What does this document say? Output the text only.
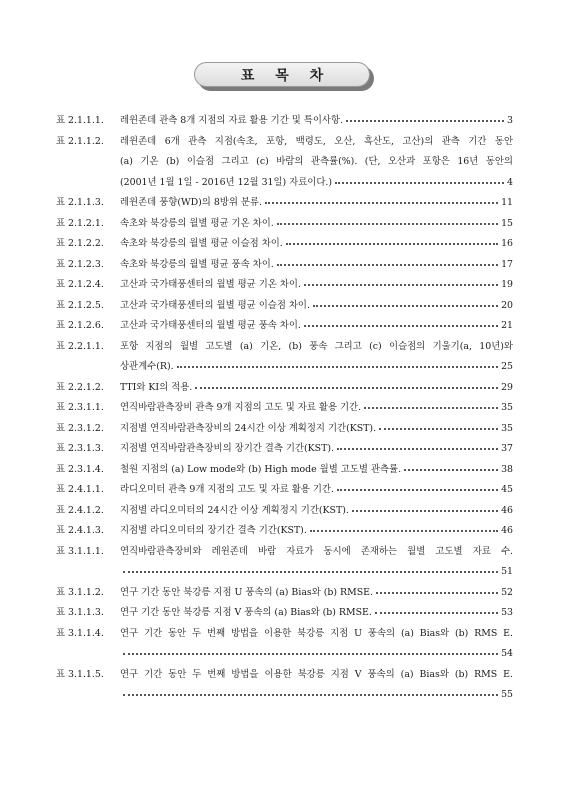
표 목 차
표 2.1.1.1.	레윈존데 관측 8개 지점의 자료 활용 기간 및 특이사항.	3
표 2.1.1.2.	레윈존데 6개 관측 지점(속초, 포항, 백령도, 오산, 흑산도, 고산)의 관측 기간 동안
(a) 기온 (b) 이슬점 그리고 (c) 바람의 관측률(%). (단, 오산과 포항은 16년 동안의
(2001년 1월 1일 - 2016년 12월 31일) 자료이다.)	4
표 2.1.1.3.	레윈존데 풍향(WD)의 8방위 분류.	11
표 2.1.2.1.	속초와 북강릉의 월별 평균 기온 차이.	15
표 2.1.2.2.	속초와 북강릉의 월별 평균 이슬점 차이.	16
표 2.1.2.3.	속초와 북강릉의 월별 평균 풍속 차이.	17
표 2.1.2.4.	고산과 국가태풍센터의 월별 평균 기온 차이.	19
표 2.1.2.5.	고산과 국가태풍센터의 월별 평균 이슬점 차이.	20
표 2.1.2.6.	고산과 국가태풍센터의 월별 평균 풍속 차이.	21
표 2.2.1.1.	포항 지점의 월별 고도별 (a) 기온, (b) 풍속 그리고 (c) 이슬점의 기울기(a, 10년)와
상관계수(R).	25
표 2.2.1.2.	TTI와 KI의 적용.	29
표 2.3.1.1.	연직바람관측장비 관측 9개 지점의 고도 및 자료 활용 기간.	35
표 2.3.1.2.	지점별 연직바람관측장비의 24시간 이상 계획정지 기간(KST).	35
표 2.3.1.3.	지점별 연직바람관측장비의 장기간 결측 기간(KST).	37
표 2.3.1.4.	철원 지점의 (a) Low mode와 (b) High mode 월별 고도별 관측률.	38
표 2.4.1.1.	라디오미터 관측 9개 지점의 고도 및 자료 활용 기간.	45
표 2.4.1.2.	지점별 라디오미터의 24시간 이상 계획정지 기간(KST).	46
표 2.4.1.3.	지점별 라디오미터의 장기간 결측 기간(KST).	46
표 3.1.1.1.	연직바람관측장비와 레윈존데 바람 자료가 동시에 존재하는 월별 고도별 자료 수.
51
표 3.1.1.2.	연구 기간 동안 북강릉 지점 U 풍속의 (a) Bias와 (b) RMSE.	52
표 3.1.1.3.	연구 기간 동안 북강릉 지점 V 풍속의 (a) Bias와 (b) RMSE.	53
표 3.1.1.4.	연구 기간 동안 두 번째 방법을 이용한 북강릉 지점 U 풍속의 (a) Bias와 (b) RMS E.
54
표 3.1.1.5.	연구 기간 동안 두 번째 방법을 이용한 북강릉 지점 V 풍속의 (a) Bias와 (b) RMS E.
55
